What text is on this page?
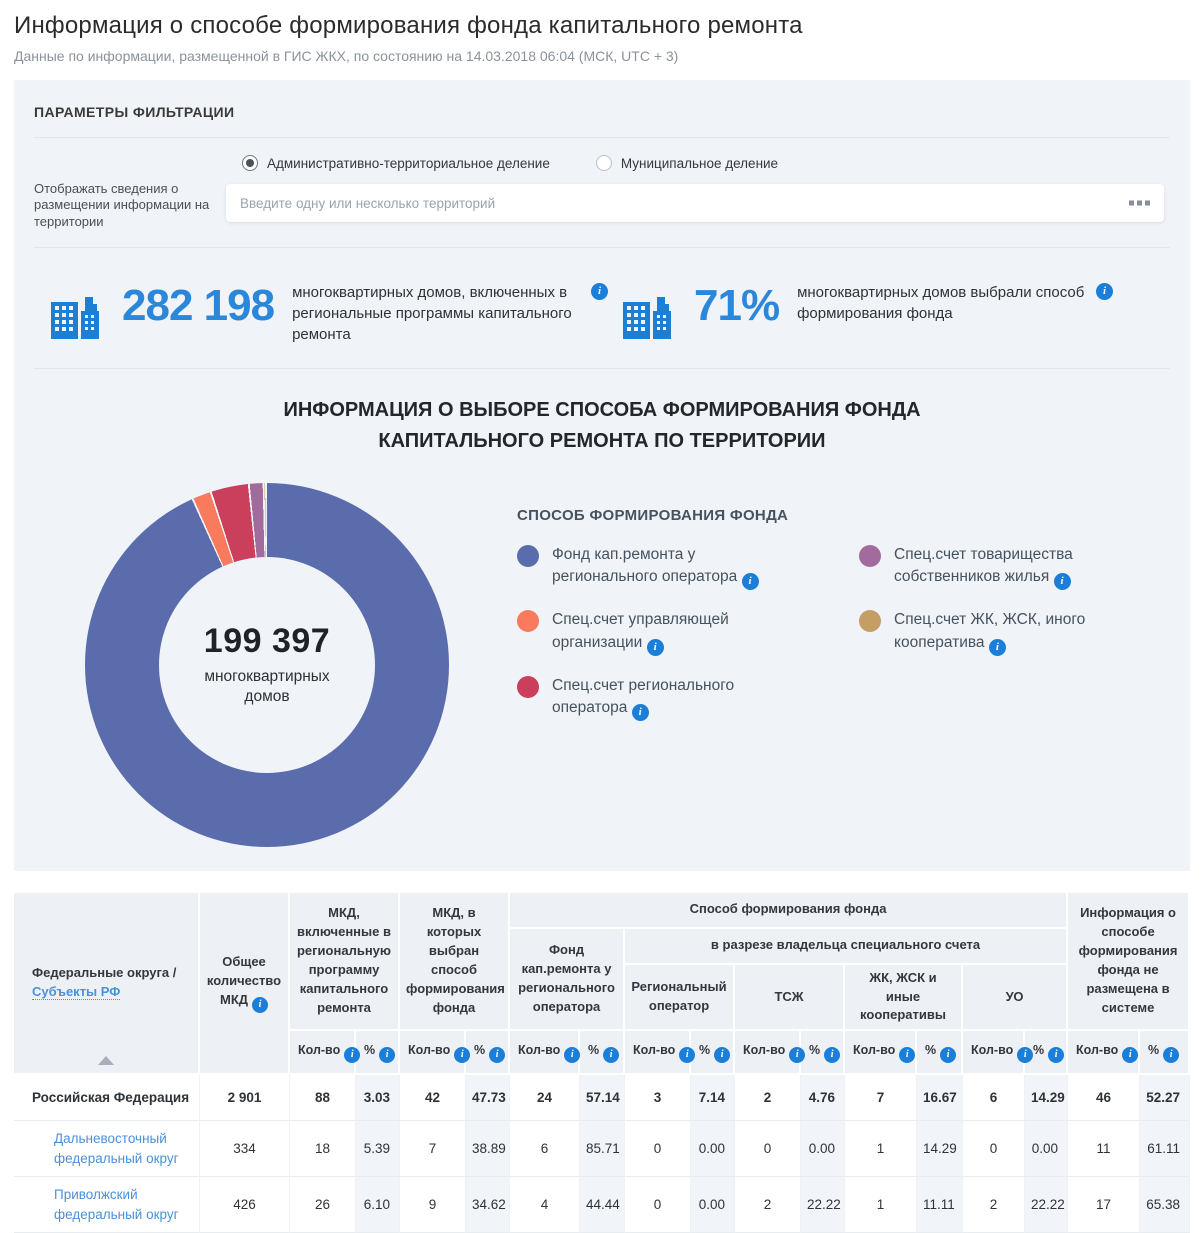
Информация о способе формирования фонда капитального ремонта
Данные по информации, размещенной в ГИС ЖКХ, по состоянию на 14.03.2018 06:04 (МСК, UTC + 3)
ПАРАМЕТРЫ ФИЛЬТРАЦИИ
Отображать сведения о размещении информации на территории
Административно-территориальное деление	Муниципальное деление
Введите одну или несколько территорий
282 198 многоквартирных домов, включенных в региональные программы капитального ремонта
i
71% многоквартирных домов выбрали способ формирования фонда
i
ИНФОРМАЦИЯ О ВЫБОРЕ СПОСОБА ФОРМИРОВАНИЯ ФОНДА КАПИТАЛЬНОГО РЕМОНТА ПО ТЕРРИТОРИИ
199 397
многоквартирных домов
СПОСОБ ФОРМИРОВАНИЯ ФОНДА
Фонд кап.ремонта у регионального оператора i
Спец.счет управляющей организации i
Спец.счет регионального оператора i
Спец.счет товарищества собственников жилья i
Спец.счет ЖК, ЖСК, иного кооператива i
Федеральные округа /
Субъекты РФ	Общее количество МКДi	МКД, включенные в региональную программу капитального ремонта		МКД, в которых выбран способ формирования фонда		Способ формирования фонда										Информация о способе формирования фонда не размещена в системе	
						Фонд кап.ремонта у регионального оператора		в разрезе владельца специального счета									
								Региональный оператор		ТСЖ		ЖК, ЖСК и иные кооперативы		УО			
		Кол-воi	%i	Кол-воi	%i	Кол-воi	%i	Кол-воi	%i	Кол-воi	%i	Кол-воi	%i	Кол-воi	%i	Кол-воi	%i
Российская Федерация	2 901	88	3.03	42	47.73	24	57.14	3	7.14	2	4.76	7	16.67	6	14.29	46	52.27
Дальневосточный федеральный округ	334	18	5.39	7	38.89	6	85.71	0	0.00	0	0.00	1	14.29	0	0.00	11	61.11
Приволжский федеральный округ	426	26	6.10	9	34.62	4	44.44	0	0.00	2	22.22	1	11.11	2	22.22	17	65.38
